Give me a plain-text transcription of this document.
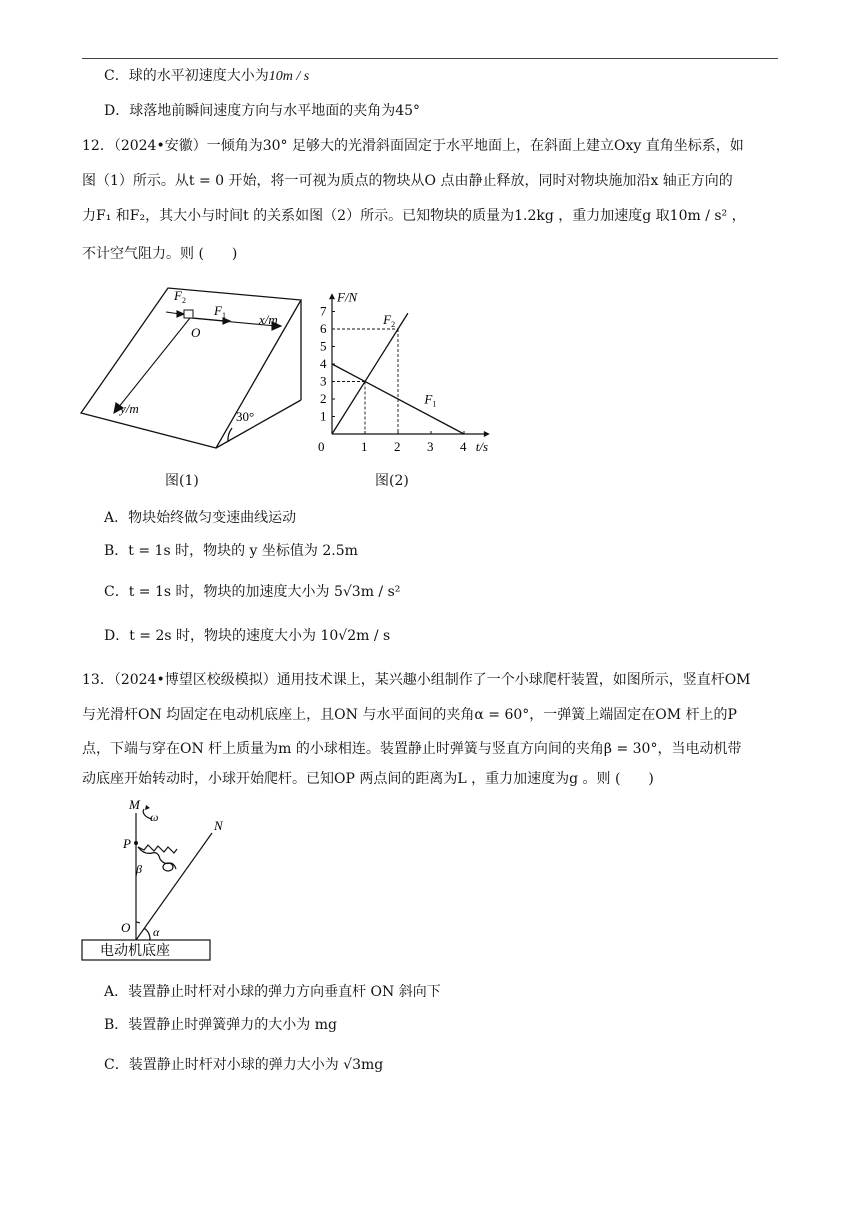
C．球的水平初速度大小为10m / s
D．球落地前瞬间速度方向与水平地面的夹角为45°
12．（2024•安徽）一倾角为30° 足够大的光滑斜面固定于水平地面上，在斜面上建立Oxy 直角坐标系，如
图（1）所示。从t = 0 开始，将一可视为质点的物块从O 点由静止释放，同时对物块施加沿x 轴正方向的
力F₁ 和F₂，其大小与时间t 的关系如图（2）所示。已知物块的质量为1.2kg ，重力加速度g 取10m / s² ，
不计空气阻力。则 (　　)
$F_2$
$F_1$
O
x/m
y/m
30°
图(1)
1
2
3
4
5
6
7
0	1 2 3 4
F/N
t/s
$F_2$
$F_1$
图(2)
A．物块始终做匀变速曲线运动
B．t = 1s 时，物块的 y 坐标值为 2.5m
C．t = 1s 时，物块的加速度大小为 5√3m / s²
D．t = 2s 时，物块的速度大小为 10√2m / s
13．（2024•博望区校级模拟）通用技术课上，某兴趣小组制作了一个小球爬杆装置，如图所示，竖直杆OM
与光滑杆ON 均固定在电动机底座上，且ON 与水平面间的夹角α = 60°，一弹簧上端固定在OM 杆上的P
点，下端与穿在ON 杆上质量为m 的小球相连。装置静止时弹簧与竖直方向间的夹角β = 30°，当电动机带
动底座开始转动时，小球开始爬杆。已知OP 两点间的距离为L ，重力加速度为g 。则 (　　)
M
ω
P
N
β
O α
电动机底座
A．装置静止时杆对小球的弹力方向垂直杆 ON 斜向下
B．装置静止时弹簧弹力的大小为 mg
C．装置静止时杆对小球的弹力大小为 √3mg
